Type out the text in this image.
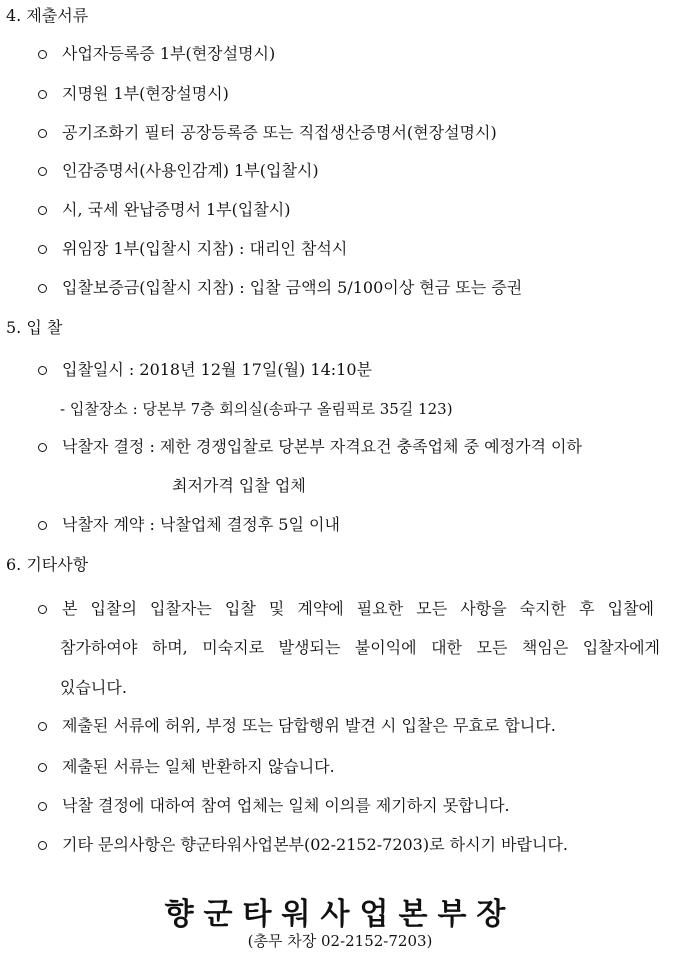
4. 제출서류
사업자등록증 1부(현장설명시)
지명원 1부(현장설명시)
공기조화기 필터 공장등록증 또는 직접생산증명서(현장설명시)
인감증명서(사용인감계) 1부(입찰시)
시, 국세 완납증명서 1부(입찰시)
위임장 1부(입찰시 지참) : 대리인 참석시
입찰보증금(입찰시 지참) : 입찰 금액의 5/100이상 현금 또는 증권
5. 입 찰
입찰일시 : 2018년 12월 17일(월) 14:10분
- 입찰장소 : 당본부 7층 회의실(송파구 올림픽로 35길 123)
낙찰자 결정 : 제한 경쟁입찰로 당본부 자격요건 충족업체 중 예정가격 이하
최저가격 입찰 업체
낙찰자 계약 : 낙찰업체 결정후 5일 이내
6. 기타사항
본 입찰의 입찰자는 입찰 및 계약에 필요한 모든 사항을 숙지한 후 입찰에
참가하여야 하며, 미숙지로 발생되는 불이익에 대한 모든 책임은 입찰자에게
있습니다.
제출된 서류에 허위, 부정 또는 담합행위 발견 시 입찰은 무효로 합니다.
제출된 서류는 일체 반환하지 않습니다.
낙찰 결정에 대하여 참여 업체는 일체 이의를 제기하지 못합니다.
기타 문의사항은 향군타워사업본부(02-2152-7203)로 하시기 바랍니다.
향군타워사업본부장
(총무 차장 02-2152-7203)
